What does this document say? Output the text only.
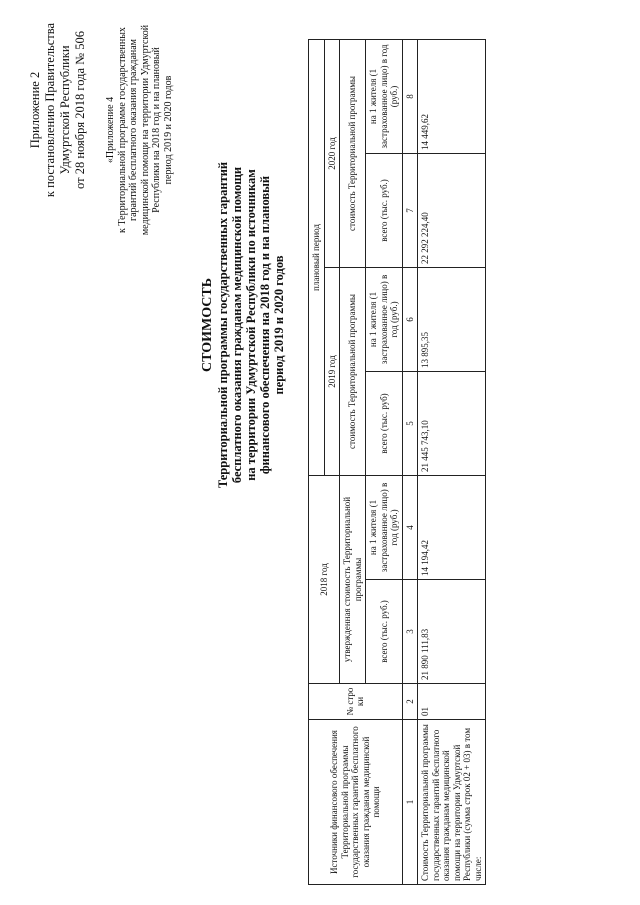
Приложение 2 к постановлению Правительства Удмуртской Республики от 28 ноября 2018 года № 506 «Приложение 4 к Территориальной программе государственных гарантий бесплатного оказания гражданам медицинской помощи на территории Удмуртской Республики на 2018 год и на плановый период 2019 и 2020 годов
СТОИМОСТЬ Территориальной программы государственных гарантий бесплатного оказания гражданам медицинской помощи на территории Удмуртской Республики по источникам финансового обеспечения на 2018 год и на плановый период 2019 и 2020 годов
Источники финансового обеспечения Территориальной программы государственных гарантий бесплатного оказания гражданам медицинской помощи	№ стро ки	2018 год		плановый период			
				2019 год		2020 год	
		утвержденная стоимость Территориальной программы		стоимость Территориальной программы		стоимость Территориальной программы	
		всего (тыс. руб.)	на 1 жителя (1 застрахованное лицо) в год (руб.)	всего (тыс. руб)	на 1 жителя (1 застрахованное лицо) в год (руб.)	всего (тыс. руб.)	на 1 жителя (1 застрахованное лицо) в год (руб.)
1	2	3	4	5	6	7	8
Стоимость Территориальной программы государственных гарантий бесплатного оказания гражданам медицинской помощи на территории Удмуртской Республики (сумма строк 02 + 03) в том числе:	01	21 890 111,83	14 194,42	21 445 743,10	13 895,35	22 292 224,40	14 449,62
